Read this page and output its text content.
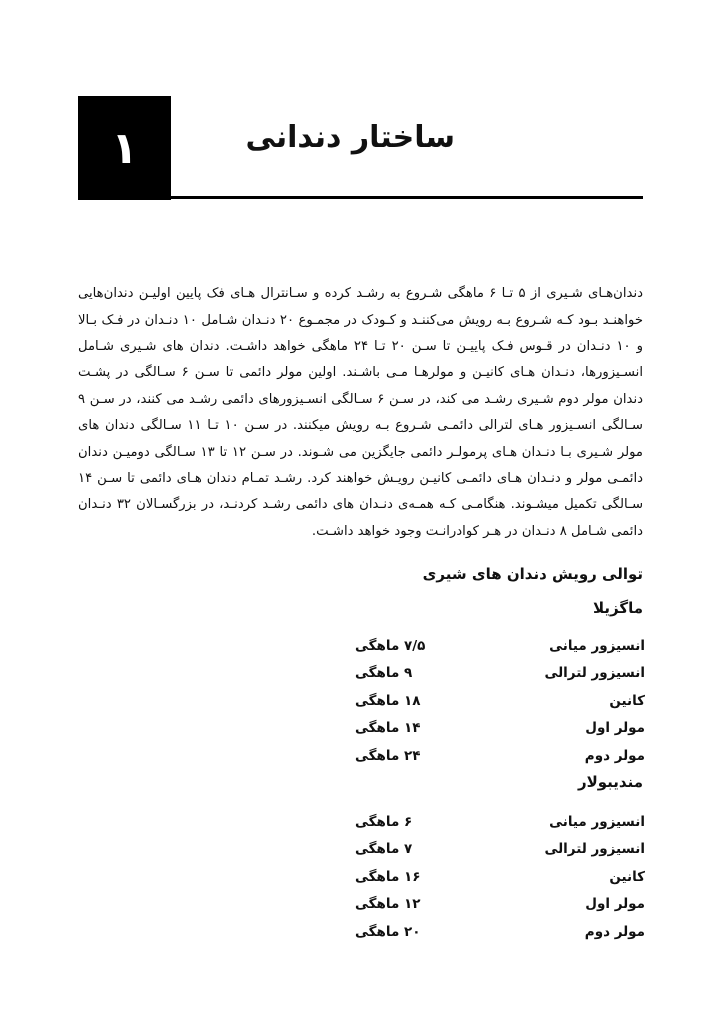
۱	ساختار دندانی

دندان‌هـای شـیری از ۵ تـا ۶ ماهگی شـروع به رشـد کرده و سـانترال هـای فک پایین اولیـن دندان‌هایی خواهنـد بـود کـه شـروع بـه رویش می‌کننـد و کـودک در مجمـوع ۲۰ دنـدان شـامل ۱۰ دنـدان در فـک بـالا و ۱۰ دنـدان در قـوس فـک پاییـن تا سـن ۲۰ تـا ۲۴ ماهگی خواهد داشـت. دندان های شـیری شـامل انسـیزورها، دنـدان هـای کانیـن و مولرهـا مـی باشـند. اولین مولر دائمی تا سـن ۶ سـالگی در پشـت دندان مولر دوم شـیری رشـد می کند، در سـن ۶ سـالگی انسـیزورهای دائمی رشـد می کنند، در سـن ۹ سـالگی انسـیزور هـای لترالی دائمـی شـروع بـه رویش میکنند. در سـن ۱۰ تـا ۱۱ سـالگی دندان های مولر شـیری بـا دنـدان هـای پرمولـر دائمی جایگزین می شـوند. در سـن ۱۲ تا ۱۳ سـالگی دومیـن دندان دائمـی مولر و دنـدان هـای دائمـی کانیـن رویـش خواهند کرد. رشـد تمـام دندان هـای دائمی تا سـن ۱۴ سـالگی تکمیل میشـوند. هنگامـی کـه همـه‌ی دنـدان های دائمی رشـد کردنـد، در بزرگسـالان ۳۲ دنـدان دائمی شـامل ۸ دنـدان در هـر کوادرانـت وجود خواهد داشـت.

توالی رویش دندان های شیری
ماگزیلا
انسیزور میانی
۷/۵ ماهگی
انسیزور لترالی
۹ ماهگی
کانین
۱۸ ماهگی
مولر اول
۱۴ ماهگی
مولر دوم
۲۴ ماهگی
مندیبولار
انسیزور میانی
۶ ماهگی
انسیزور لترالی
۷ ماهگی
کانین
۱۶ ماهگی
مولر اول
۱۲ ماهگی
مولر دوم
۲۰ ماهگی
